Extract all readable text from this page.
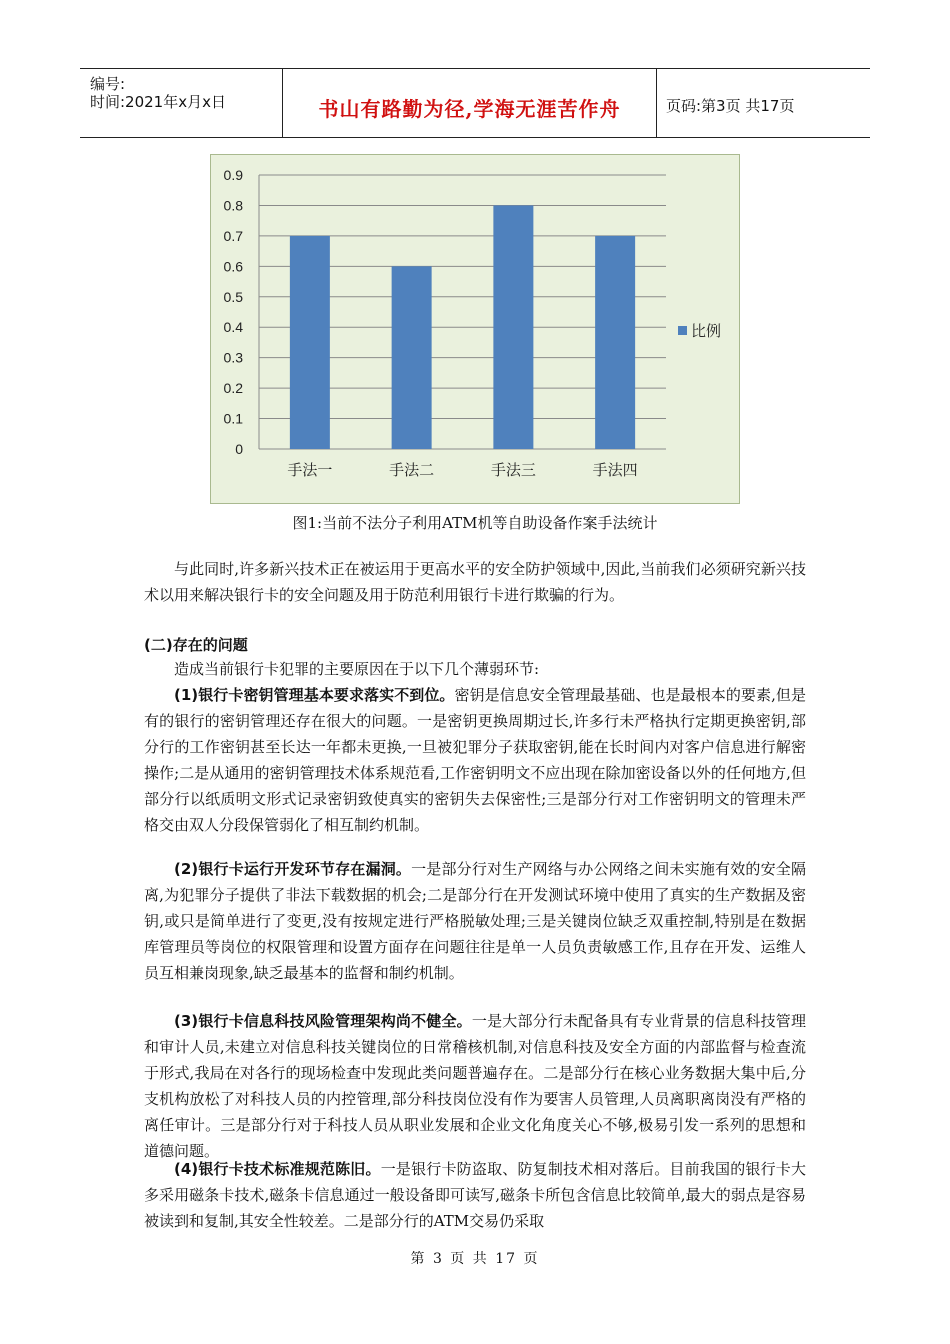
编号:
时间:2021年x月x日	书山有路勤为径,学海无涯苦作舟	页码:第3页 共17页
0
0.1
0.2
0.3
0.4
0.5
0.6
0.7
0.8
0.9
手法一	手法二	手法三	手法四
比例
图1:当前不法分子利用ATM机等自助设备作案手法统计

与此同时,许多新兴技术正在被运用于更高水平的安全防护领域中,因此,当前我们必须研究新兴技术以用来解决银行卡的安全问题及用于防范利用银行卡进行欺骗的行为。

(二)存在的问题

造成当前银行卡犯罪的主要原因在于以下几个薄弱环节:

(1)银行卡密钥管理基本要求落实不到位。密钥是信息安全管理最基础、也是最根本的要素,但是有的银行的密钥管理还存在很大的问题。一是密钥更换周期过长,许多行未严格执行定期更换密钥,部分行的工作密钥甚至长达一年都未更换,一旦被犯罪分子获取密钥,能在长时间内对客户信息进行解密操作;二是从通用的密钥管理技术体系规范看,工作密钥明文不应出现在除加密设备以外的任何地方,但部分行以纸质明文形式记录密钥致使真实的密钥失去保密性;三是部分行对工作密钥明文的管理未严格交由双人分段保管弱化了相互制约机制。

(2)银行卡运行开发环节存在漏洞。一是部分行对生产网络与办公网络之间未实施有效的安全隔离,为犯罪分子提供了非法下载数据的机会;二是部分行在开发测试环境中使用了真实的生产数据及密钥,或只是简单进行了变更,没有按规定进行严格脱敏处理;三是关键岗位缺乏双重控制,特别是在数据库管理员等岗位的权限管理和设置方面存在问题往往是单一人员负责敏感工作,且存在开发、运维人员互相兼岗现象,缺乏最基本的监督和制约机制。

(3)银行卡信息科技风险管理架构尚不健全。一是大部分行未配备具有专业背景的信息科技管理和审计人员,未建立对信息科技关键岗位的日常稽核机制,对信息科技及安全方面的内部监督与检查流于形式,我局在对各行的现场检查中发现此类问题普遍存在。二是部分行在核心业务数据大集中后,分支机构放松了对科技人员的内控管理,部分科技岗位没有作为要害人员管理,人员离职离岗没有严格的离任审计。三是部分行对于科技人员从职业发展和企业文化角度关心不够,极易引发一系列的思想和道德问题。

(4)银行卡技术标准规范陈旧。一是银行卡防盗取、防复制技术相对落后。目前我国的银行卡大多采用磁条卡技术,磁条卡信息通过一般设备即可读写,磁条卡所包含信息比较简单,最大的弱点是容易被读到和复制,其安全性较差。二是部分行的ATM交易仍采取

第 3 页 共 17 页
